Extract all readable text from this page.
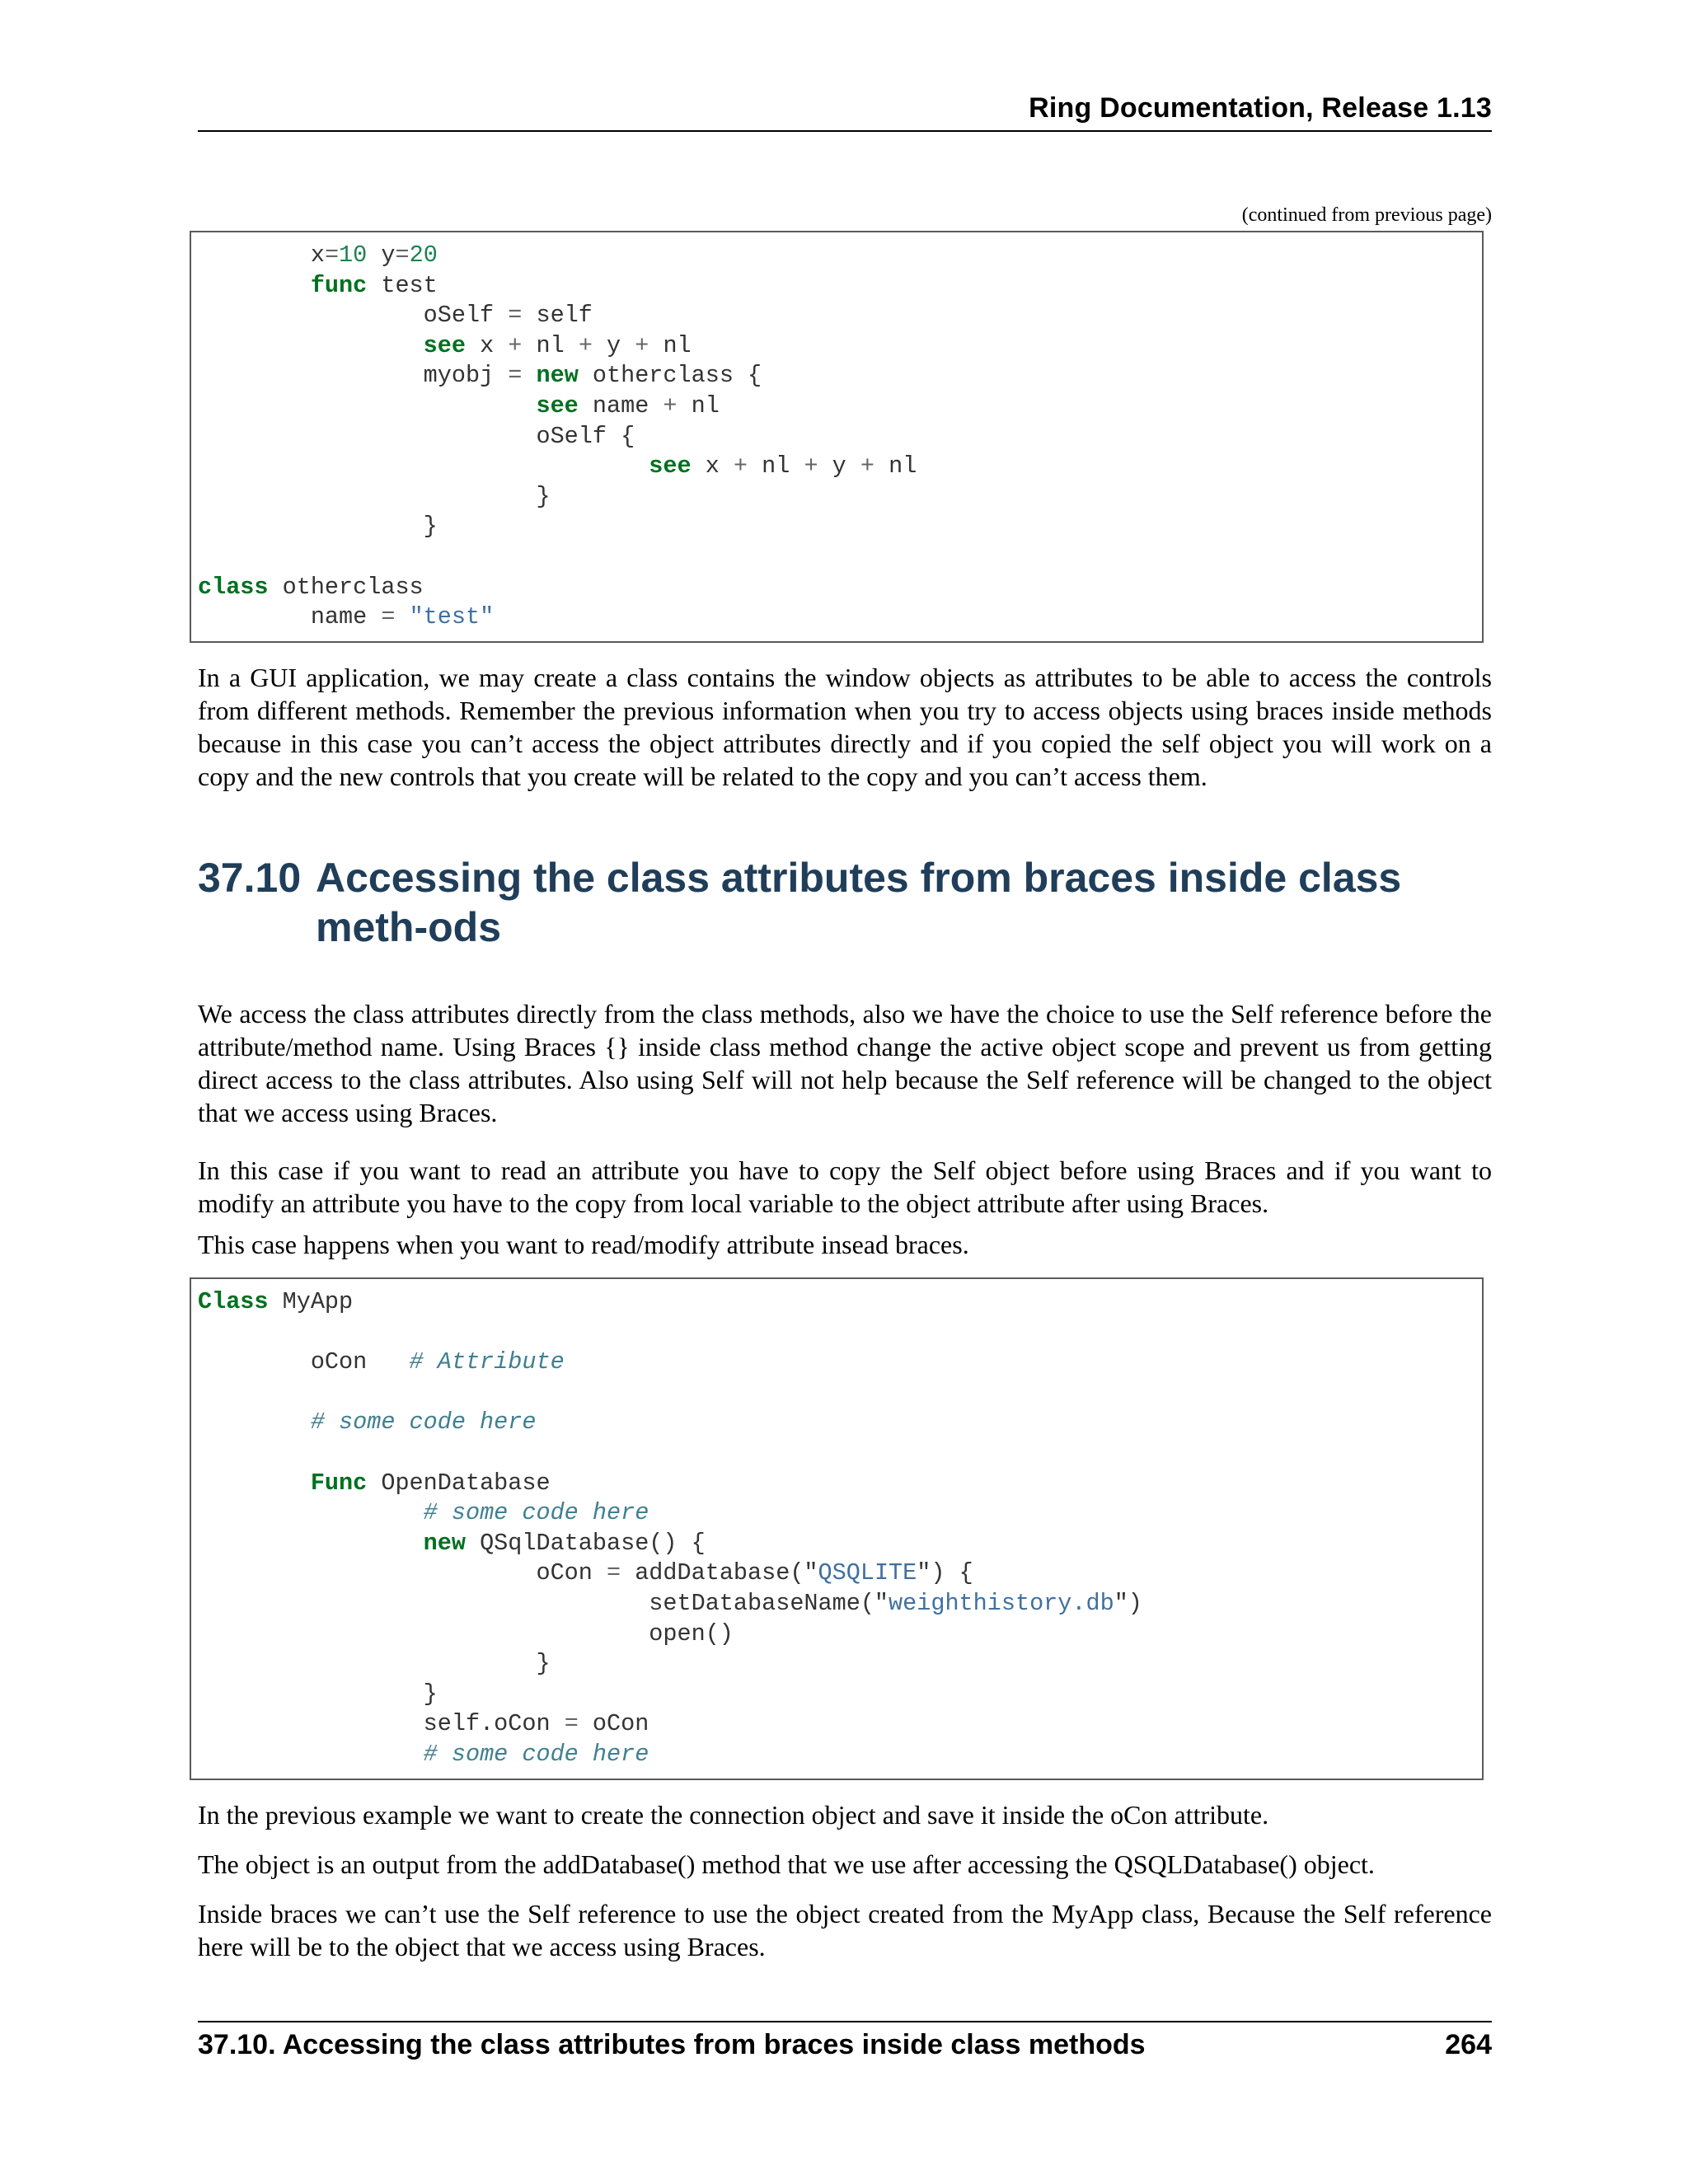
Ring Documentation, Release 1.13
(continued from previous page)
x=10 y=20
func test
oSelf = self
see x + nl + y + nl
myobj = new otherclass {
see name + nl
oSelf {
see x + nl + y + nl
}
}
class otherclass
name = "test"

In a GUI application, we may create a class contains the window objects as attributes to be able to access the controls from different methods. Remember the previous information when you try to access objects using braces inside methods because in this case you can’t access the object attributes directly and if you copied the self object you will work on a copy and the new controls that you create will be related to the copy and you can’t access them.

37.10 Accessing the class attributes from braces inside class meth-ods

We access the class attributes directly from the class methods, also we have the choice to use the Self reference before the attribute/method name. Using Braces {} inside class method change the active object scope and prevent us from getting direct access to the class attributes. Also using Self will not help because the Self reference will be changed to the object that we access using Braces.

In this case if you want to read an attribute you have to copy the Self object before using Braces and if you want to modify an attribute you have to the copy from local variable to the object attribute after using Braces.

This case happens when you want to read/modify attribute insead braces.

Class MyApp
oCon   # Attribute
# some code here
Func OpenDatabase
# some code here
new QSqlDatabase() {
oCon = addDatabase("QSQLITE") {
setDatabaseName("weighthistory.db")
open()
}
}
self.oCon = oCon
# some code here

In the previous example we want to create the connection object and save it inside the oCon attribute.

The object is an output from the addDatabase() method that we use after accessing the QSQLDatabase() object.

Inside braces we can’t use the Self reference to use the object created from the MyApp class, Because the Self reference here will be to the object that we access using Braces.

37.10. Accessing the class attributes from braces inside class methods	264
